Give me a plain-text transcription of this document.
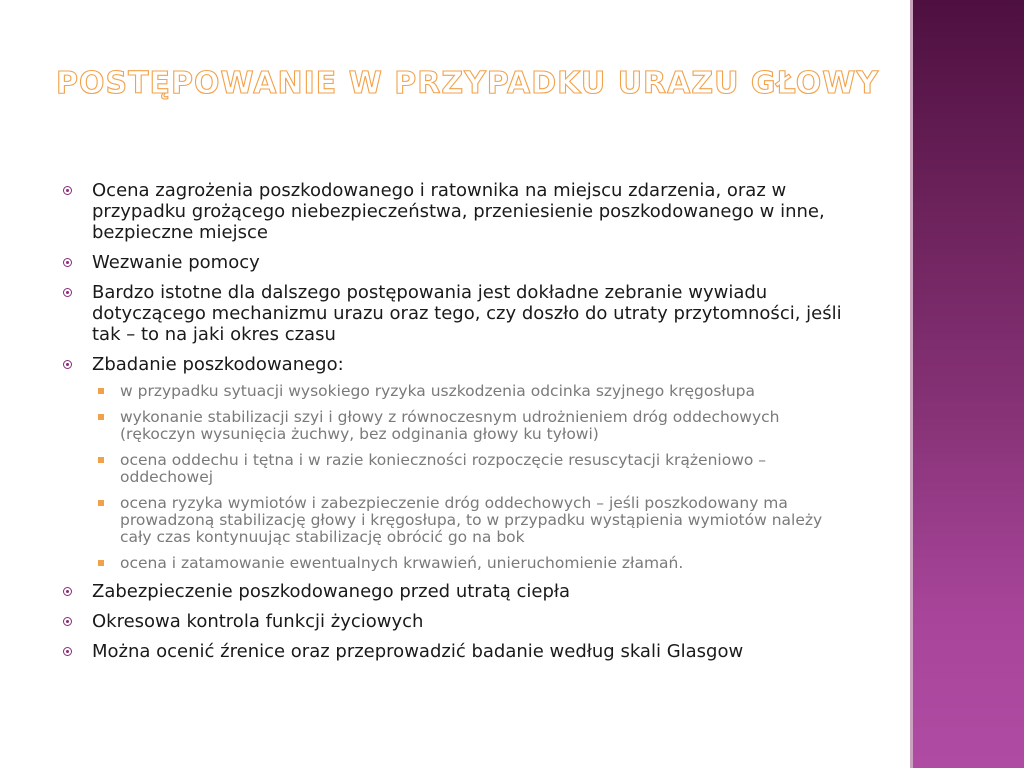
POSTĘPOWANIE W PRZYPADKU URAZU GŁOWY
Ocena zagrożenia poszkodowanego i ratownika na miejscu zdarzenia, oraz w przypadku grożącego niebezpieczeństwa, przeniesienie poszkodowanego w inne, bezpieczne miejsce
Wezwanie pomocy
Bardzo istotne dla dalszego postępowania jest dokładne zebranie wywiadu dotyczącego mechanizmu urazu oraz tego, czy doszło do utraty przytomności, jeśli tak – to na jaki okres czasu
Zbadanie poszkodowanego:
w przypadku sytuacji wysokiego ryzyka uszkodzenia odcinka szyjnego kręgosłupa
wykonanie stabilizacji szyi i głowy z równoczesnym udrożnieniem dróg oddechowych (rękoczyn wysunięcia żuchwy, bez odginania głowy ku tyłowi)
ocena oddechu i tętna i w razie konieczności rozpoczęcie resuscytacji krążeniowo – oddechowej
ocena ryzyka wymiotów i zabezpieczenie dróg oddechowych – jeśli poszkodowany ma prowadzoną stabilizację głowy i kręgosłupa, to w przypadku wystąpienia wymiotów należy cały czas kontynuując stabilizację obrócić go na bok
ocena i zatamowanie ewentualnych krwawień, unieruchomienie złamań.
Zabezpieczenie poszkodowanego przed utratą ciepła
Okresowa kontrola funkcji życiowych
Można ocenić źrenice oraz przeprowadzić badanie według skali Glasgow
